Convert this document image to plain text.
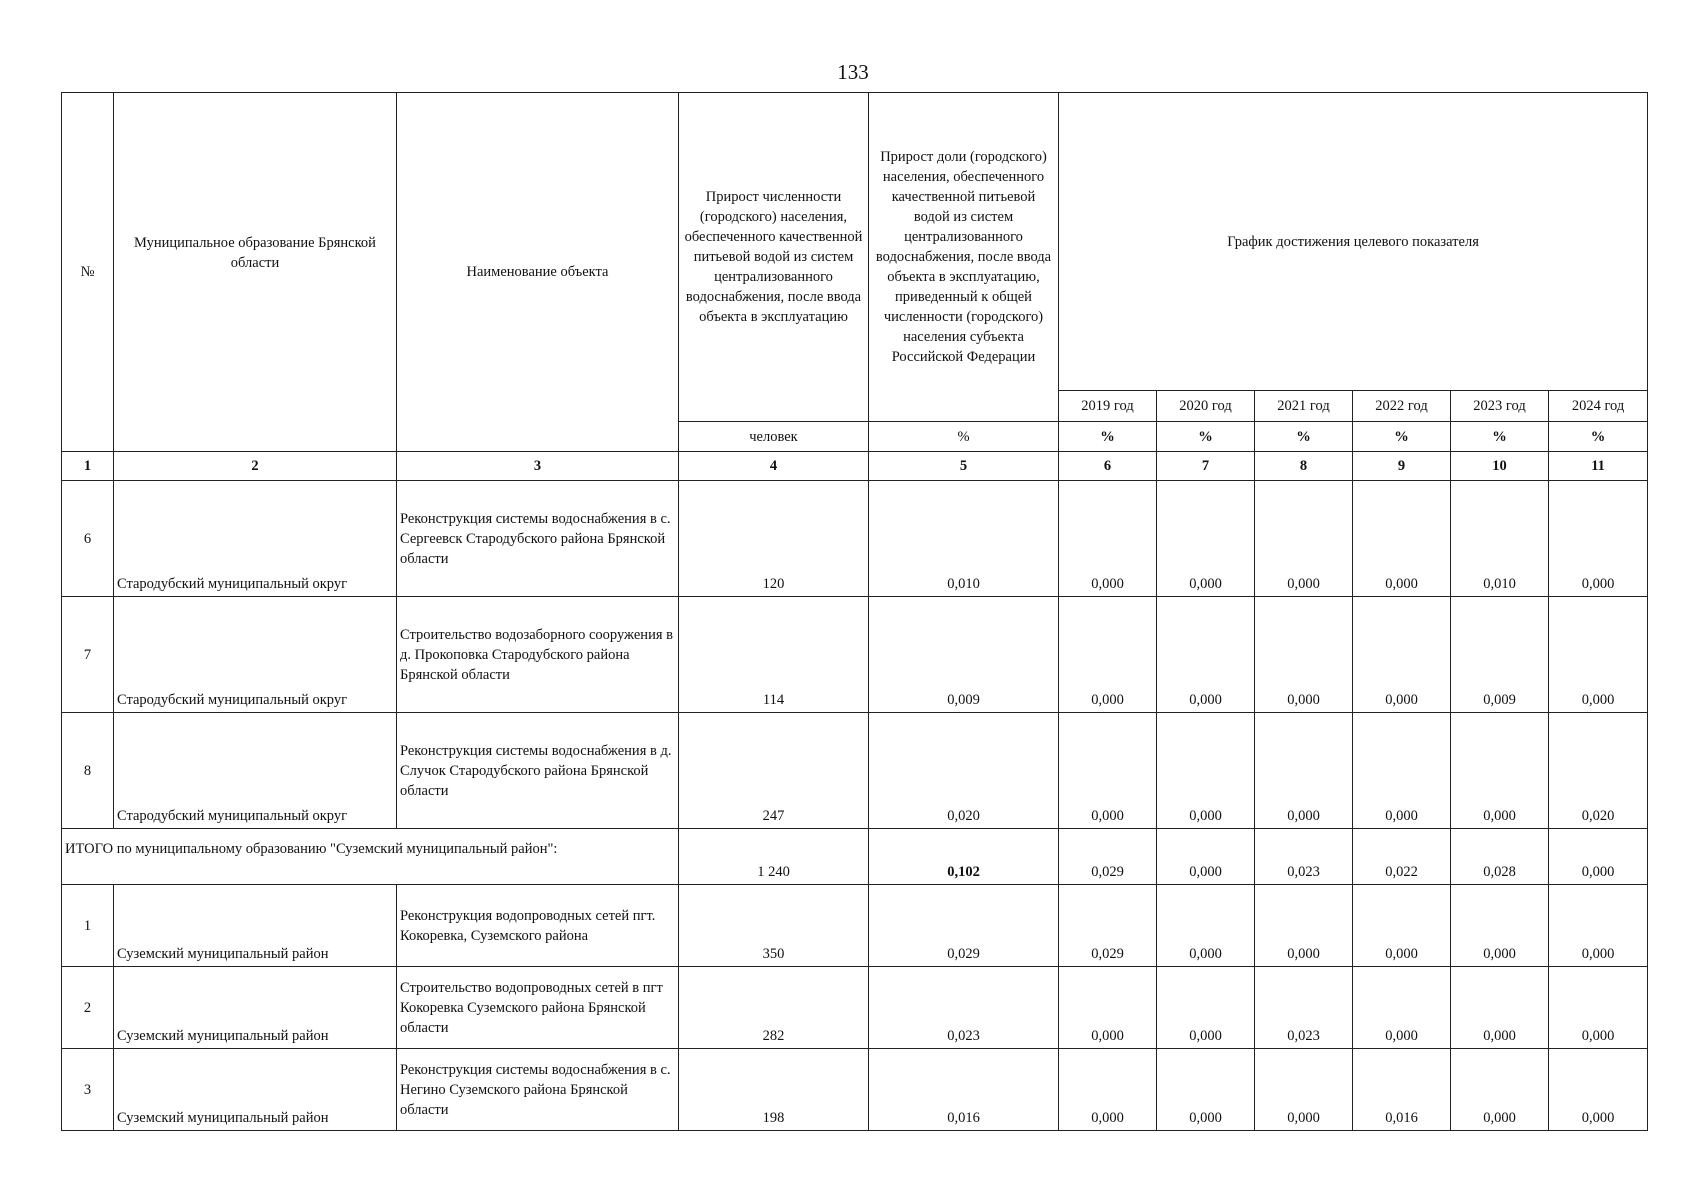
133
№	Муниципальное образование Брянской области	Наименование объекта	Прирост численности (городского) населения, обеспеченного качественной питьевой водой из систем централизованного водоснабжения, после ввода объекта в эксплуатацию	Прирост доли (городского) населения, обеспеченного качественной питьевой водой из систем централизованного водоснабжения, после ввода объекта в эксплуатацию, приведенный к общей численности (городского) населения субъекта Российской Федерации	График достижения целевого показателя					
					2019 год	2020 год	2021 год	2022 год	2023 год	2024 год
			человек	%	%	%	%	%	%	%
1	2	3	4	5	6	7	8	9	10	11
6	Стародубский муниципальный округ	Реконструкция системы водоснабжения в с. Сергеевск Стародубского района Брянской области	120	0,010	0,000	0,000	0,000	0,000	0,010	0,000
7	Стародубский муниципальный округ	Строительство водозаборного сооружения в д. Прокоповка Стародубского района Брянской области	114	0,009	0,000	0,000	0,000	0,000	0,009	0,000
8	Стародубский муниципальный округ	Реконструкция системы водоснабжения в д. Случок Стародубского района Брянской области	247	0,020	0,000	0,000	0,000	0,000	0,000	0,020
ИТОГО по муниципальному образованию "Суземский муниципальный район":			1 240	0,102	0,029	0,000	0,023	0,022	0,028	0,000
1	Суземский муниципальный район	Реконструкция водопроводных сетей пгт. Кокоревка, Суземского района	350	0,029	0,029	0,000	0,000	0,000	0,000	0,000
2	Суземский муниципальный район	Строительство водопроводных сетей в пгт Кокоревка Суземского района Брянской области	282	0,023	0,000	0,000	0,023	0,000	0,000	0,000
3	Суземский муниципальный район	Реконструкция системы водоснабжения в с. Негино Суземского района Брянской области	198	0,016	0,000	0,000	0,000	0,016	0,000	0,000
